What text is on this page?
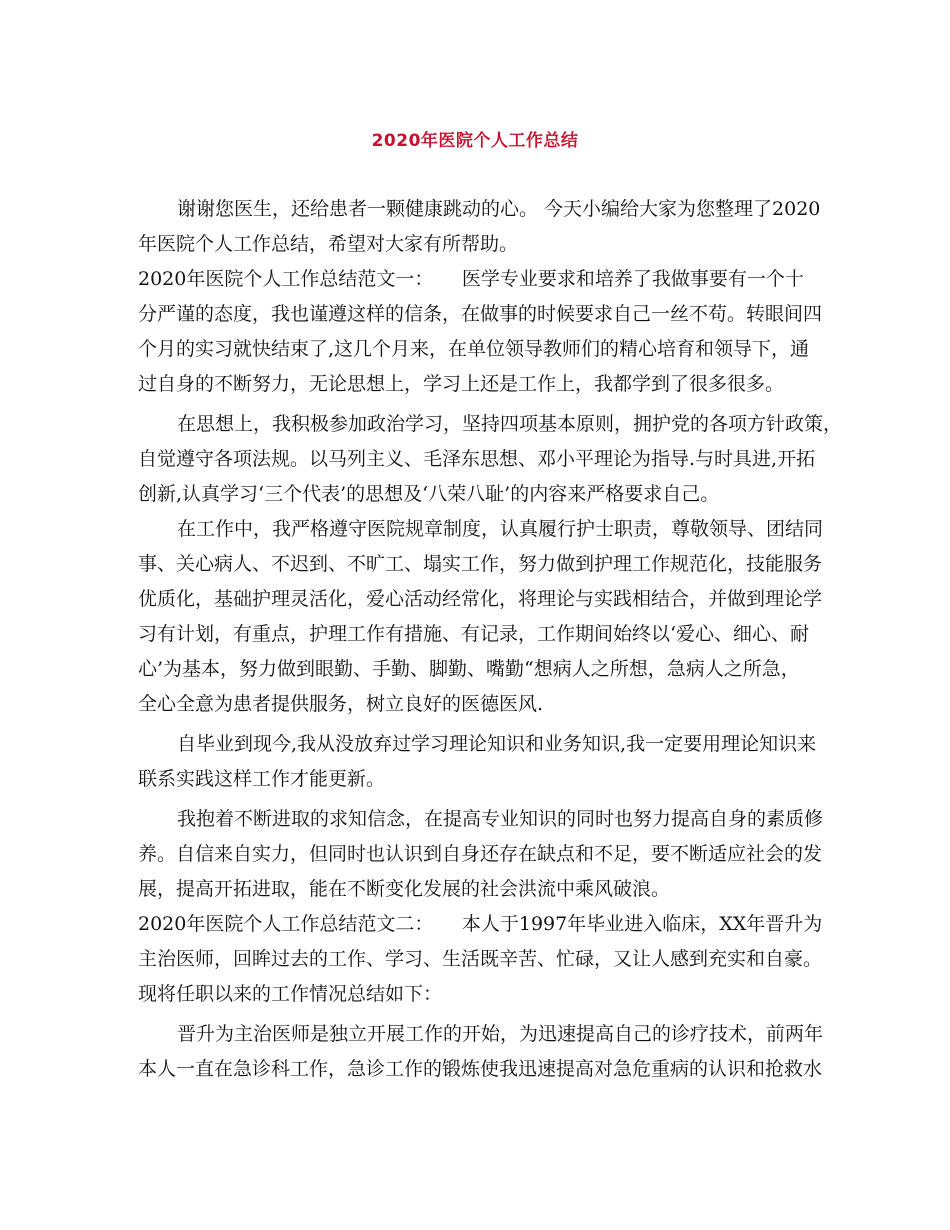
2020年医院个人工作总结
谢谢您医生，还给患者一颗健康跳动的心。 今天小编给大家为您整理了2020
年医院个人工作总结，希望对大家有所帮助。
2020年医院个人工作总结范文一：　　医学专业要求和培养了我做事要有一个十
分严谨的态度，我也谨遵这样的信条，在做事的时候要求自己一丝不苟。转眼间四
个月的实习就快结束了,这几个月来，在单位领导教师们的精心培育和领导下，通
过自身的不断努力，无论思想上，学习上还是工作上，我都学到了很多很多。
在思想上，我积极参加政治学习，坚持四项基本原则，拥护党的各项方针政策，
自觉遵守各项法规。以马列主义、毛泽东思想、邓小平理论为指导.与时具进,开拓
创新,认真学习‘三个代表’的思想及‘八荣八耻’的内容来严格要求自己。
在工作中，我严格遵守医院规章制度，认真履行护士职责，尊敬领导、团结同
事、关心病人、不迟到、不旷工、塌实工作，努力做到护理工作规范化，技能服务
优质化，基础护理灵活化，爱心活动经常化，将理论与实践相结合，并做到理论学
习有计划，有重点，护理工作有措施、有记录，工作期间始终以‘爱心、细心、耐
心’为基本，努力做到眼勤、手勤、脚勤、嘴勤“想病人之所想，急病人之所急，
全心全意为患者提供服务，树立良好的医德医风.
自毕业到现今,我从没放弃过学习理论知识和业务知识,我一定要用理论知识来
联系实践这样工作才能更新。
我抱着不断进取的求知信念，在提高专业知识的同时也努力提高自身的素质修
养。自信来自实力，但同时也认识到自身还存在缺点和不足，要不断适应社会的发
展，提高开拓进取，能在不断变化发展的社会洪流中乘风破浪。
2020年医院个人工作总结范文二：　　本人于1997年毕业进入临床，XX年晋升为
主治医师，回眸过去的工作、学习、生活既辛苦、忙碌，又让人感到充实和自豪。
现将任职以来的工作情况总结如下：
晋升为主治医师是独立开展工作的开始，为迅速提高自己的诊疗技术，前两年
本人一直在急诊科工作，急诊工作的锻炼使我迅速提高对急危重病的认识和抢救水
